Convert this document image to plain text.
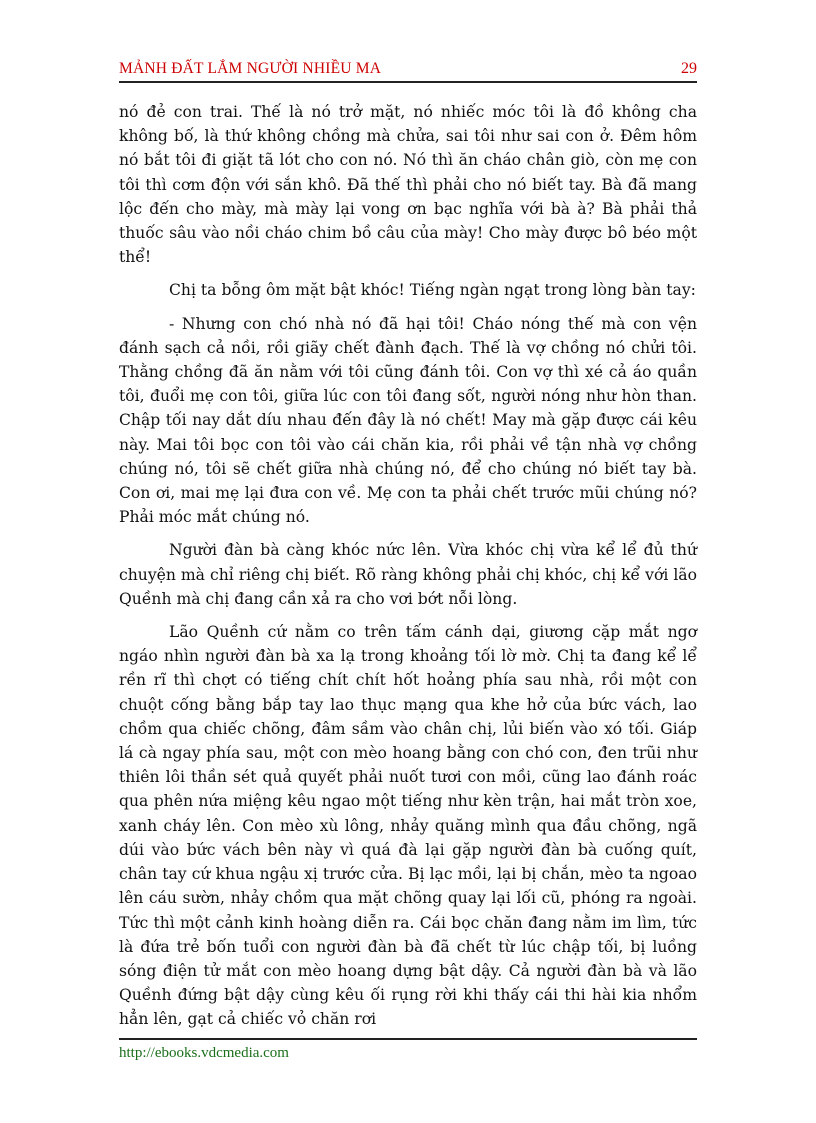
MẢNH ĐẤT LẮM NGƯỜI NHIỀU MA	29

nó đẻ con trai. Thế là nó trở mặt, nó nhiếc móc tôi là đồ không cha không bố, là thứ không chồng mà chửa, sai tôi như sai con ở. Đêm hôm nó bắt tôi đi giặt tã lót cho con nó. Nó thì ăn cháo chân giò, còn mẹ con tôi thì cơm độn với sắn khô. Đã thế thì phải cho nó biết tay. Bà đã mang lộc đến cho mày, mà mày lại vong ơn bạc nghĩa với bà à? Bà phải thả thuốc sâu vào nồi cháo chim bồ câu của mày! Cho mày được bô béo một thể!

Chị ta bỗng ôm mặt bật khóc! Tiếng ngàn ngạt trong lòng bàn tay:

- Nhưng con chó nhà nó đã hại tôi! Cháo nóng thế mà con vện đánh sạch cả nồi, rồi giãy chết đành đạch. Thế là vợ chồng nó chửi tôi. Thằng chồng đã ăn nằm với tôi cũng đánh tôi. Con vợ thì xé cả áo quần tôi, đuổi mẹ con tôi, giữa lúc con tôi đang sốt, người nóng như hòn than. Chập tối nay dắt díu nhau đến đây là nó chết! May mà gặp được cái kêu này. Mai tôi bọc con tôi vào cái chăn kia, rồi phải về tận nhà vợ chồng chúng nó, tôi sẽ chết giữa nhà chúng nó, để cho chúng nó biết tay bà. Con ơi, mai mẹ lại đưa con về. Mẹ con ta phải chết trước mũi chúng nó? Phải móc mắt chúng nó.

Người đàn bà càng khóc nức lên. Vừa khóc chị vừa kể lể đủ thứ chuyện mà chỉ riêng chị biết. Rõ ràng không phải chị khóc, chị kể với lão Quềnh mà chị đang cần xả ra cho vơi bớt nỗi lòng.

Lão Quềnh cứ nằm co trên tấm cánh dại, giương cặp mắt ngơ ngáo nhìn người đàn bà xa lạ trong khoảng tối lờ mờ. Chị ta đang kể lể rền rĩ thì chợt có tiếng chít chít hốt hoảng phía sau nhà, rồi một con chuột cống bằng bắp tay lao thục mạng qua khe hở của bức vách, lao chồm qua chiếc chõng, đâm sầm vào chân chị, lủi biến vào xó tối. Giáp lá cà ngay phía sau, một con mèo hoang bằng con chó con, đen trũi như thiên lôi thần sét quả quyết phải nuốt tươi con mồi, cũng lao đánh roác qua phên nứa miệng kêu ngao một tiếng như kèn trận, hai mắt tròn xoe, xanh cháy lên. Con mèo xù lông, nhảy quăng mình qua đầu chõng, ngã dúi vào bức vách bên này vì quá đà lại gặp người đàn bà cuống quít, chân tay cứ khua ngậu xị trước cửa. Bị lạc mồi, lại bị chắn, mèo ta ngoao lên cáu sườn, nhảy chồm qua mặt chõng quay lại lối cũ, phóng ra ngoài. Tức thì một cảnh kinh hoàng diễn ra. Cái bọc chăn đang nằm im lìm, tức là đứa trẻ bốn tuổi con người đàn bà đã chết từ lúc chập tối, bị luồng sóng điện tử mắt con mèo hoang dựng bật dậy. Cả người đàn bà và lão Quềnh đứng bật dậy cùng kêu ối rụng rời khi thấy cái thi hài kia nhổm hẳn lên, gạt cả chiếc vỏ chăn rơi

http://ebooks.vdcmedia.com
